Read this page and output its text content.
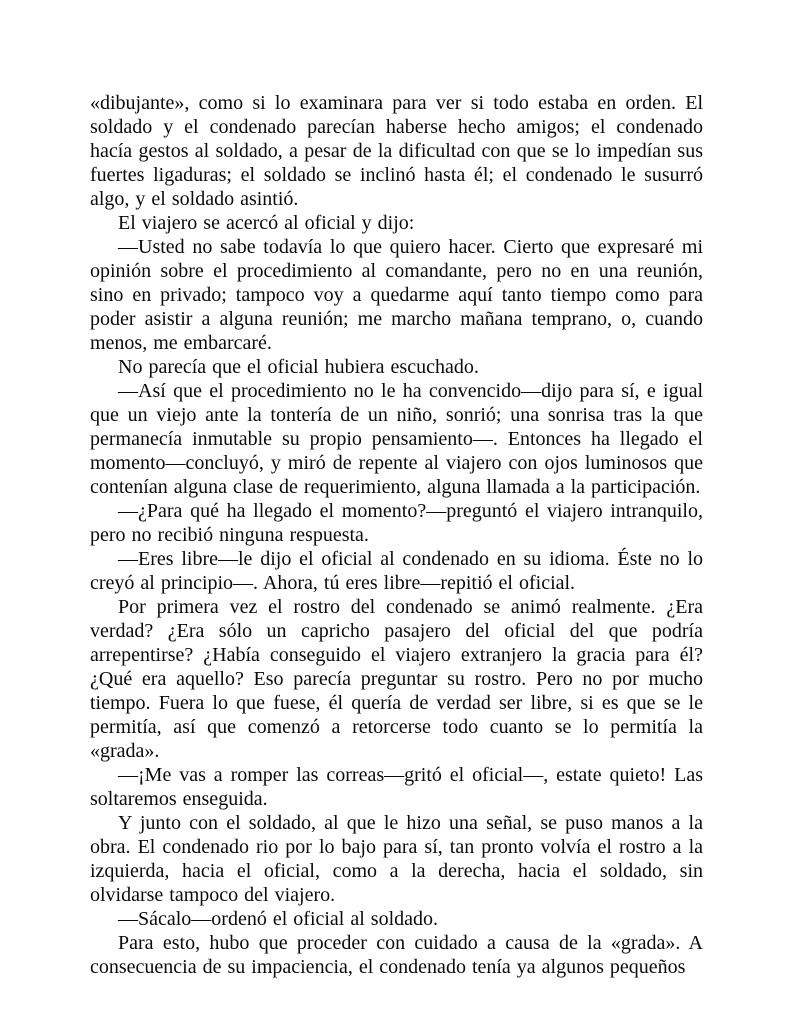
«dibujante», como si lo examinara para ver si todo estaba en orden. El soldado y el condenado parecían haberse hecho amigos; el condenado hacía gestos al soldado, a pesar de la dificultad con que se lo impedían sus fuertes ligaduras; el soldado se inclinó hasta él; el condenado le susurró algo, y el soldado asintió.

El viajero se acercó al oficial y dijo:

—Usted no sabe todavía lo que quiero hacer. Cierto que expresaré mi opinión sobre el procedimiento al comandante, pero no en una reunión, sino en privado; tampoco voy a quedarme aquí tanto tiempo como para poder asistir a alguna reunión; me marcho mañana temprano, o, cuando menos, me embarcaré.

No parecía que el oficial hubiera escuchado.

—Así que el procedimiento no le ha convencido—dijo para sí, e igual que un viejo ante la tontería de un niño, sonrió; una sonrisa tras la que permanecía inmutable su propio pensamiento—. Entonces ha llegado el momento—concluyó, y miró de repente al viajero con ojos luminosos que contenían alguna clase de requerimiento, alguna llamada a la participación.

—¿Para qué ha llegado el momento?—preguntó el viajero intranquilo, pero no recibió ninguna respuesta.

—Eres libre—le dijo el oficial al condenado en su idioma. Éste no lo creyó al principio—. Ahora, tú eres libre—repitió el oficial.

Por primera vez el rostro del condenado se animó realmente. ¿Era verdad? ¿Era sólo un capricho pasajero del oficial del que podría arrepentirse? ¿Había conseguido el viajero extranjero la gracia para él? ¿Qué era aquello? Eso parecía preguntar su rostro. Pero no por mucho tiempo. Fuera lo que fuese, él quería de verdad ser libre, si es que se le permitía, así que comenzó a retorcerse todo cuanto se lo permitía la «grada».

—¡Me vas a romper las correas—gritó el oficial—, estate quieto! Las soltaremos enseguida.

Y junto con el soldado, al que le hizo una señal, se puso manos a la obra. El condenado rio por lo bajo para sí, tan pronto volvía el rostro a la izquierda, hacia el oficial, como a la derecha, hacia el soldado, sin olvidarse tampoco del viajero.

—Sácalo—ordenó el oficial al soldado.

Para esto, hubo que proceder con cuidado a causa de la «grada». A consecuencia de su impaciencia, el condenado tenía ya algunos pequeños
